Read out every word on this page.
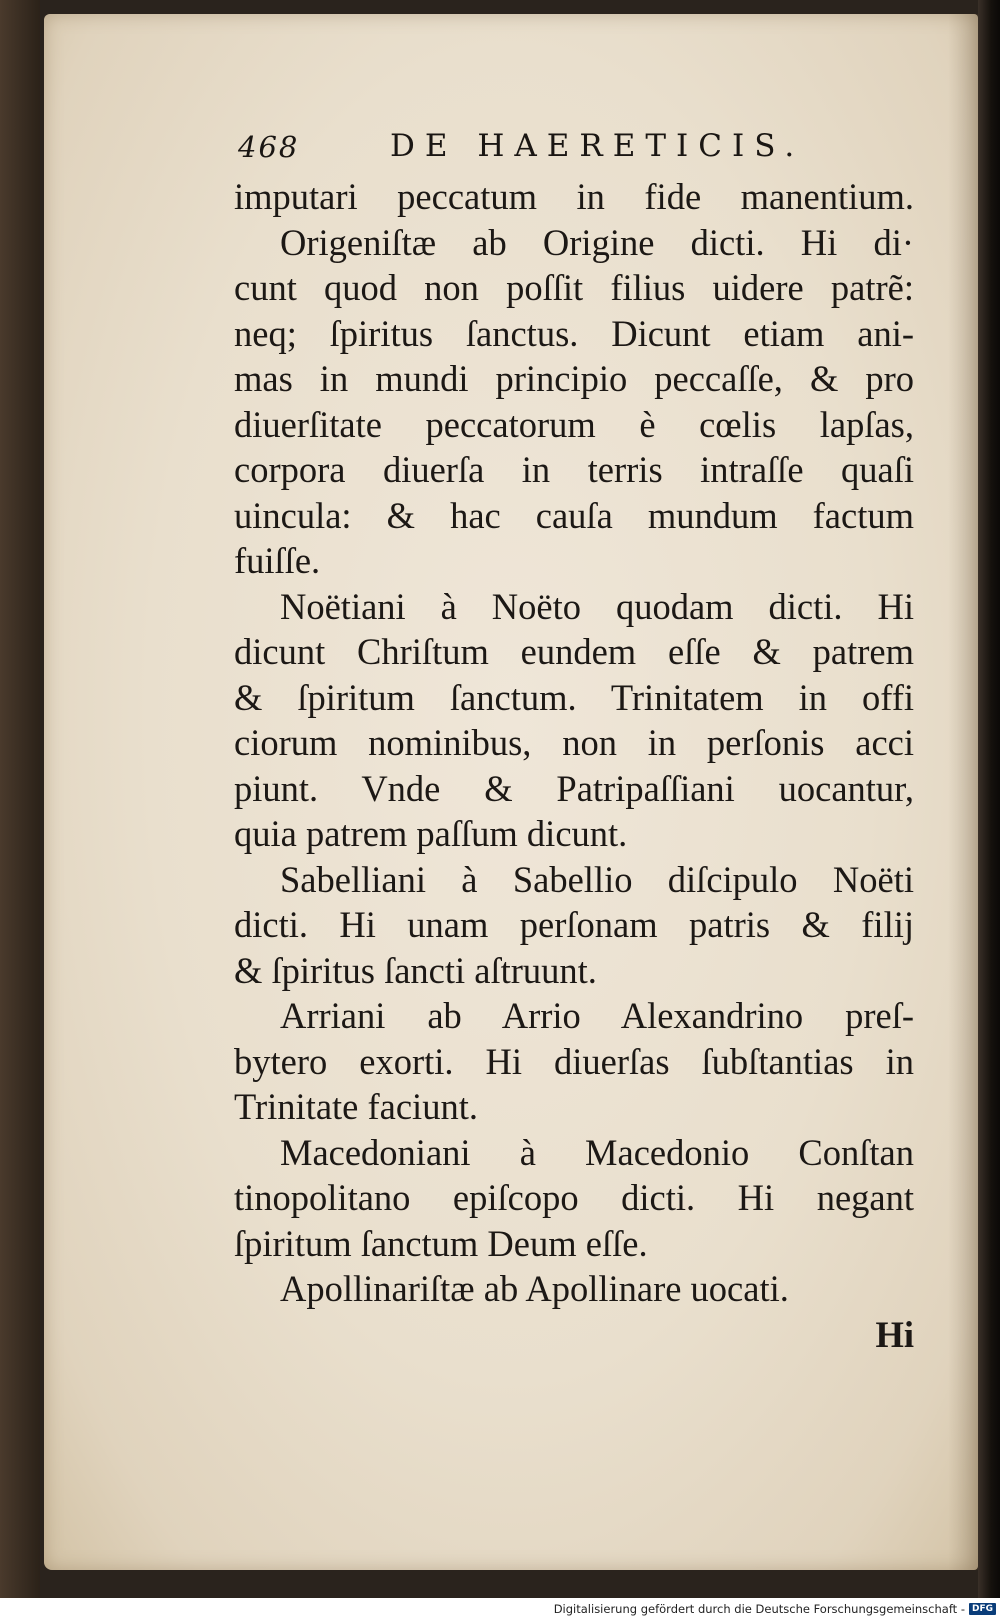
468	DE HAERETICIS.
imputari peccatum in fide manentium.
Origeniſtæ ab Origine dicti. Hi di·
cunt quod non poſſit filius uidere patrẽ:
neq; ſpiritus ſanctus. Dicunt etiam ani-
mas in mundi principio peccaſſe, & pro
diuerſitate peccatorum è cœlis lapſas,
corpora diuerſa in terris intraſſe quaſi
uincula: & hac cauſa mundum factum
fuiſſe.
Noëtiani à Noëto quodam dicti. Hi
dicunt Chriſtum eundem eſſe & patrem
& ſpiritum ſanctum. Trinitatem in offi
ciorum nominibus, non in perſonis acci
piunt. Vnde & Patripaſſiani uocantur,
quia patrem paſſum dicunt.
Sabelliani à Sabellio diſcipulo Noëti
dicti. Hi unam perſonam patris & filij
& ſpiritus ſancti aſtruunt.
Arriani ab Arrio Alexandrino preſ-
bytero exorti. Hi diuerſas ſubſtantias in
Trinitate faciunt.
Macedoniani à Macedonio Conſtan
tinopolitano epiſcopo dicti. Hi negant
ſpiritum ſanctum Deum eſſe.
Apollinariſtæ ab Apollinare uocati.
Hi
Digitalisierung gefördert durch die Deutsche Forschungsgemeinschaft - DFG
